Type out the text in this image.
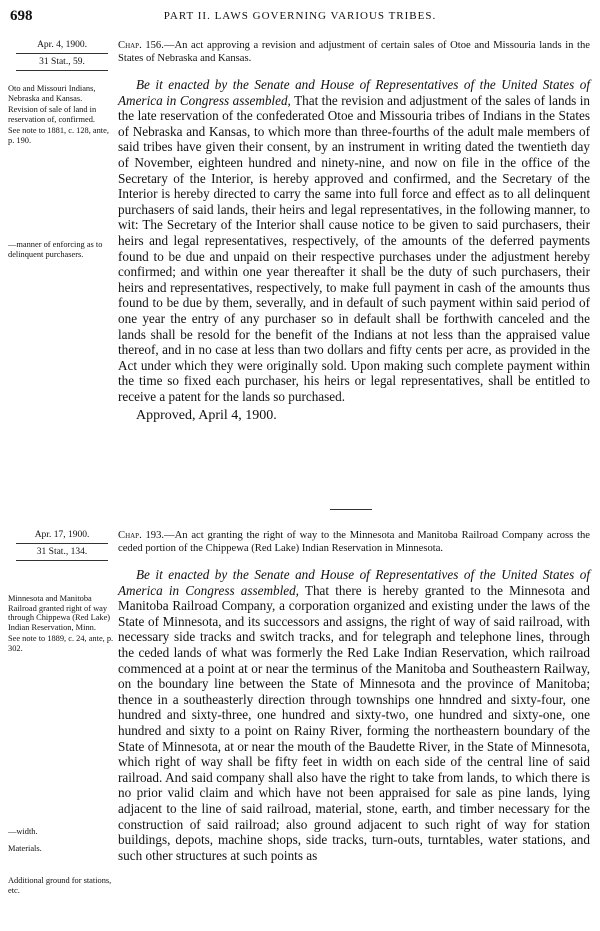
698	PART II. LAWS GOVERNING VARIOUS TRIBES.
Apr. 4, 1900.
31 Stat., 59.
Oto and Missouri Indians, Nebraska and Kansas.
Revision of sale of land in reservation of, confirmed.
See note to 1881, c. 128, ante, p. 190.
—manner of enforcing as to delinquent purchasers.
Chap. 156.—An act approving a revision and adjustment of certain sales of Otoe and Missouria lands in the States of Nebraska and Kansas.

Be it enacted by the Senate and House of Representatives of the United States of America in Congress assembled, That the revision and adjustment of the sales of lands in the late reservation of the confederated Otoe and Missouria tribes of Indians in the States of Nebraska and Kansas, to which more than three-fourths of the adult male members of said tribes have given their consent, by an instrument in writing dated the twentieth day of November, eighteen hundred and ninety-nine, and now on file in the office of the Secretary of the Interior, is hereby approved and confirmed, and the Secretary of the Interior is hereby directed to carry the same into full force and effect as to all delinquent purchasers of said lands, their heirs and legal representatives, in the following manner, to wit: The Secretary of the Interior shall cause notice to be given to said purchasers, their heirs and legal representatives, respectively, of the amounts of the deferred payments found to be due and unpaid on their respective purchases under the adjustment hereby confirmed; and within one year thereafter it shall be the duty of such purchasers, their heirs and representatives, respectively, to make full payment in cash of the amounts thus found to be due by them, severally, and in default of such payment within said period of one year the entry of any purchaser so in default shall be forthwith canceled and the lands shall be resold for the benefit of the Indians at not less than the appraised value thereof, and in no case at less than two dollars and fifty cents per acre, as provided in the Act under which they were originally sold. Upon making such complete payment within the time so fixed each purchaser, his heirs or legal representatives, shall be entitled to receive a patent for the lands so purchased.

Approved, April 4, 1900.
Apr. 17, 1900.
31 Stat., 134.
Minnesota and Manitoba Railroad granted right of way through Chippewa (Red Lake) Indian Reservation, Minn.
See note to 1889, c. 24, ante, p. 302.
—width.
Materials.
Additional ground for stations, etc.
Chap. 193.—An act granting the right of way to the Minnesota and Manitoba Railroad Company across the ceded portion of the Chippewa (Red Lake) Indian Reservation in Minnesota.

Be it enacted by the Senate and House of Representatives of the United States of America in Congress assembled, That there is hereby granted to the Minnesota and Manitoba Railroad Company, a corporation organized and existing under the laws of the State of Minnesota, and its successors and assigns, the right of way of said railroad, with necessary side tracks and switch tracks, and for telegraph and telephone lines, through the ceded lands of what was formerly the Red Lake Indian Reservation, which railroad commenced at a point at or near the terminus of the Manitoba and Southeastern Railway, on the boundary line between the State of Minnesota and the province of Manitoba; thence in a southeasterly direction through townships one hnndred and sixty-four, one hundred and sixty-three, one hundred and sixty-two, one hundred and sixty-one, one hundred and sixty to a point on Rainy River, forming the northeastern boundary of the State of Minnesota, at or near the mouth of the Baudette River, in the State of Minnesota, which right of way shall be fifty feet in width on each side of the central line of said railroad. And said company shall also have the right to take from lands, to which there is no prior valid claim and which have not been appraised for sale as pine lands, lying adjacent to the line of said railroad, material, stone, earth, and timber necessary for the construction of said railroad; also ground adjacent to such right of way for station buildings, depots, machine shops, side tracks, turn-outs, turntables, water stations, and such other structures at such points as
